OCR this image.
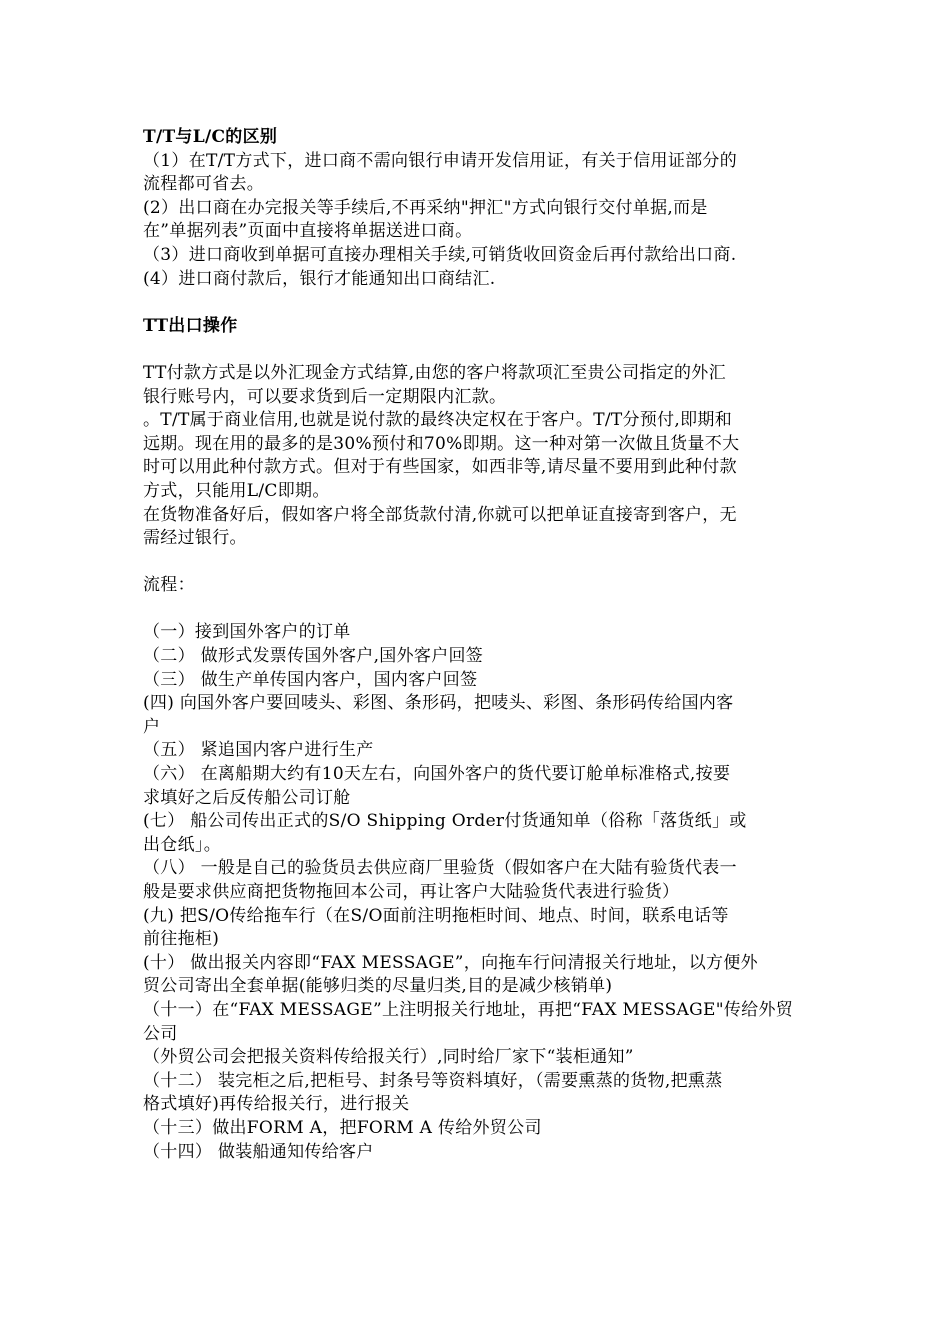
T/T与L/C的区别
（1）在T/T方式下，进口商不需向银行申请开发信用证，有关于信用证部分的
流程都可省去。
(2）出口商在办完报关等手续后,不再采纳"押汇"方式向银行交付单据,而是
在”单据列表”页面中直接将单据送进口商。
（3）进口商收到单据可直接办理相关手续,可销货收回资金后再付款给出口商.
(4）进口商付款后，银行才能通知出口商结汇.
TT出口操作
TT付款方式是以外汇现金方式结算,由您的客户将款项汇至贵公司指定的外汇
银行账号内，可以要求货到后一定期限内汇款。
。T/T属于商业信用,也就是说付款的最终决定权在于客户。T/T分预付,即期和
远期。现在用的最多的是30%预付和70%即期。这一种对第一次做且货量不大
时可以用此种付款方式。但对于有些国家，如西非等,请尽量不要用到此种付款
方式，只能用L/C即期。
在货物准备好后，假如客户将全部货款付清,你就可以把单证直接寄到客户，无
需经过银行。
流程：
（一）接到国外客户的订单
（二） 做形式发票传国外客户,国外客户回签
（三） 做生产单传国内客户，国内客户回签
(四) 向国外客户要回唛头、彩图、条形码，把唛头、彩图、条形码传给国内客
户
（五） 紧追国内客户进行生产
（六） 在离船期大约有10天左右，向国外客户的货代要订舱单标准格式,按要
求填好之后反传船公司订舱
(七） 船公司传出正式的S/O Shipping Order付货通知单（俗称「落货纸」或
出仓纸」。
（八） 一般是自己的验货员去供应商厂里验货（假如客户在大陆有验货代表一
般是要求供应商把货物拖回本公司，再让客户大陆验货代表进行验货）
(九) 把S/O传给拖车行（在S/O面前注明拖柜时间、地点、时间，联系电话等
前往拖柜)
(十） 做出报关内容即“FAX MESSAGE”，向拖车行问清报关行地址，以方便外
贸公司寄出全套单据(能够归类的尽量归类,目的是减少核销单)
（十一）在“FAX MESSAGE”上注明报关行地址，再把“FAX MESSAGE"传给外贸
公司
（外贸公司会把报关资料传给报关行）,同时给厂家下“装柜通知”
（十二） 装完柜之后,把柜号、封条号等资料填好，（需要熏蒸的货物,把熏蒸
格式填好)再传给报关行，进行报关
（十三）做出FORM A，把FORM A 传给外贸公司
（十四） 做装船通知传给客户
